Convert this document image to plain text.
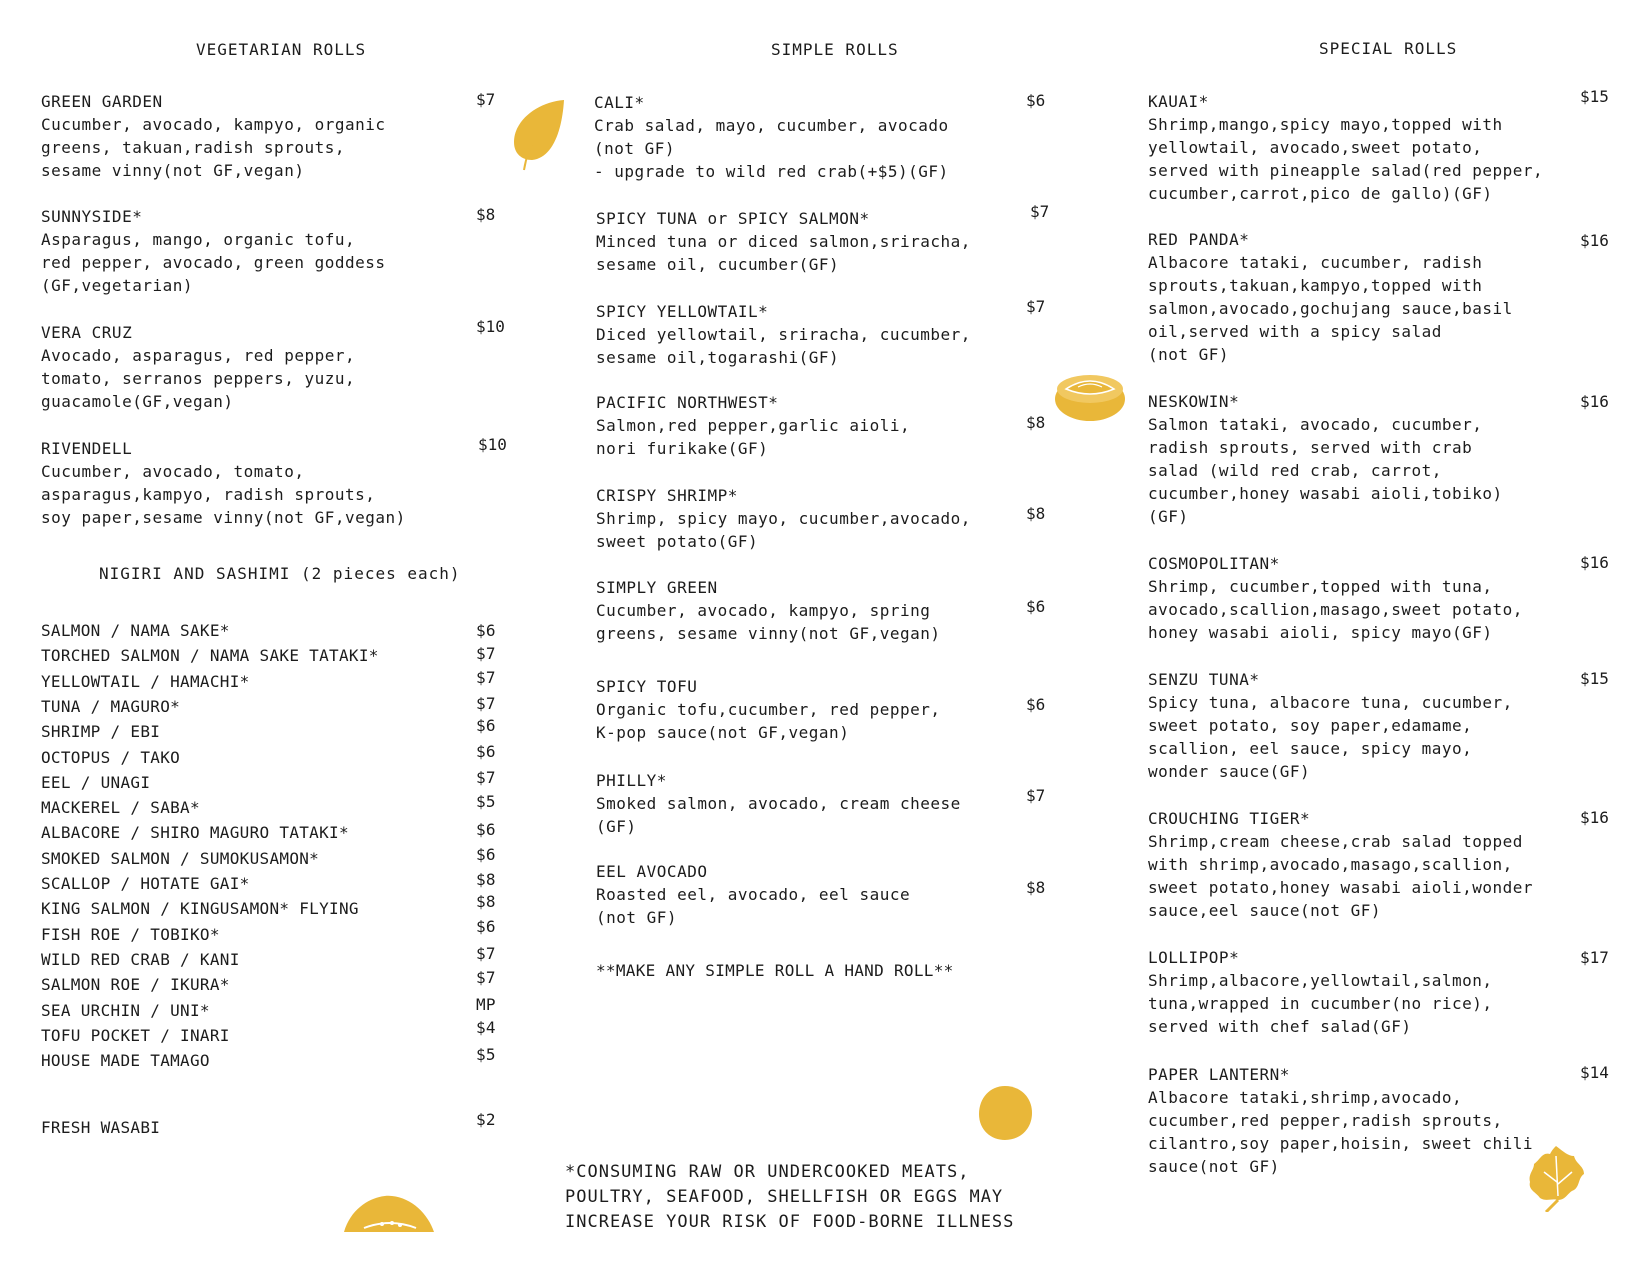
VEGETARIAN ROLLS	SIMPLE ROLLS	SPECIAL ROLLS
GREEN GARDEN
Cucumber, avocado, kampyo, organic
greens, takuan,radish sprouts,
sesame vinny(not GF,vegan)
$7
SUNNYSIDE*
Asparagus, mango, organic tofu,
red pepper, avocado, green goddess
(GF,vegetarian)
$8
VERA CRUZ
Avocado, asparagus, red pepper,
tomato, serranos peppers, yuzu,
guacamole(GF,vegan)
$10
RIVENDELL
Cucumber, avocado, tomato,
asparagus,kampyo, radish sprouts,
soy paper,sesame vinny(not GF,vegan)
$10
NIGIRI AND SASHIMI (2 pieces each)
SALMON / NAMA SAKE*	$6
TORCHED SALMON / NAMA SAKE TATAKI*	$7
YELLOWTAIL / HAMACHI*	$7
TUNA / MAGURO*	$7
SHRIMP / EBI	$6
OCTOPUS / TAKO	$6
EEL / UNAGI	$7
MACKEREL / SABA*	$5
ALBACORE / SHIRO MAGURO TATAKI*	$6
SMOKED SALMON / SUMOKUSAMON*	$6
SCALLOP / HOTATE GAI*	$8
KING SALMON / KINGUSAMON* FLYING	$8
FISH ROE / TOBIKO*	$6
WILD RED CRAB / KANI	$7
SALMON ROE / IKURA*	$7
SEA URCHIN / UNI*	MP
TOFU POCKET / INARI	$4
HOUSE MADE TAMAGO	$5
FRESH WASABI	$2
CALI*
Crab salad, mayo, cucumber, avocado
(not GF)
- upgrade to wild red crab(+$5)(GF)
$6
SPICY TUNA or SPICY SALMON*
Minced tuna or diced salmon,sriracha,
sesame oil, cucumber(GF)
$7
SPICY YELLOWTAIL*
Diced yellowtail, sriracha, cucumber,
sesame oil,togarashi(GF)
$7
PACIFIC NORTHWEST*
Salmon,red pepper,garlic aioli,
nori furikake(GF)
$8
CRISPY SHRIMP*
Shrimp, spicy mayo, cucumber,avocado,
sweet potato(GF)
$8
SIMPLY GREEN
Cucumber, avocado, kampyo, spring
greens, sesame vinny(not GF,vegan)
$6
SPICY TOFU
Organic tofu,cucumber, red pepper,
K-pop sauce(not GF,vegan)
$6
PHILLY*
Smoked salmon, avocado, cream cheese
(GF)
$7
EEL AVOCADO
Roasted eel, avocado, eel sauce
(not GF)
$8
**MAKE ANY SIMPLE ROLL A HAND ROLL**
*CONSUMING RAW OR UNDERCOOKED MEATS,
POULTRY, SEAFOOD, SHELLFISH OR EGGS MAY
INCREASE YOUR RISK OF FOOD-BORNE ILLNESS
KAUAI*
Shrimp,mango,spicy mayo,topped with
yellowtail, avocado,sweet potato,
served with pineapple salad(red pepper,
cucumber,carrot,pico de gallo)(GF)
$15
RED PANDA*
Albacore tataki, cucumber, radish
sprouts,takuan,kampyo,topped with
salmon,avocado,gochujang sauce,basil
oil,served with a spicy salad
(not GF)
$16
NESKOWIN*
Salmon tataki, avocado, cucumber,
radish sprouts, served with crab
salad (wild red crab, carrot,
cucumber,honey wasabi aioli,tobiko)
(GF)
$16
COSMOPOLITAN*
Shrimp, cucumber,topped with tuna,
avocado,scallion,masago,sweet potato,
honey wasabi aioli, spicy mayo(GF)
$16
SENZU TUNA*
Spicy tuna, albacore tuna, cucumber,
sweet potato, soy paper,edamame,
scallion, eel sauce, spicy mayo,
wonder sauce(GF)
$15
CROUCHING TIGER*
Shrimp,cream cheese,crab salad topped
with shrimp,avocado,masago,scallion,
sweet potato,honey wasabi aioli,wonder
sauce,eel sauce(not GF)
$16
LOLLIPOP*
Shrimp,albacore,yellowtail,salmon,
tuna,wrapped in cucumber(no rice),
served with chef salad(GF)
$17
PAPER LANTERN*
Albacore tataki,shrimp,avocado,
cucumber,red pepper,radish sprouts,
cilantro,soy paper,hoisin, sweet chili
sauce(not GF)
$14
